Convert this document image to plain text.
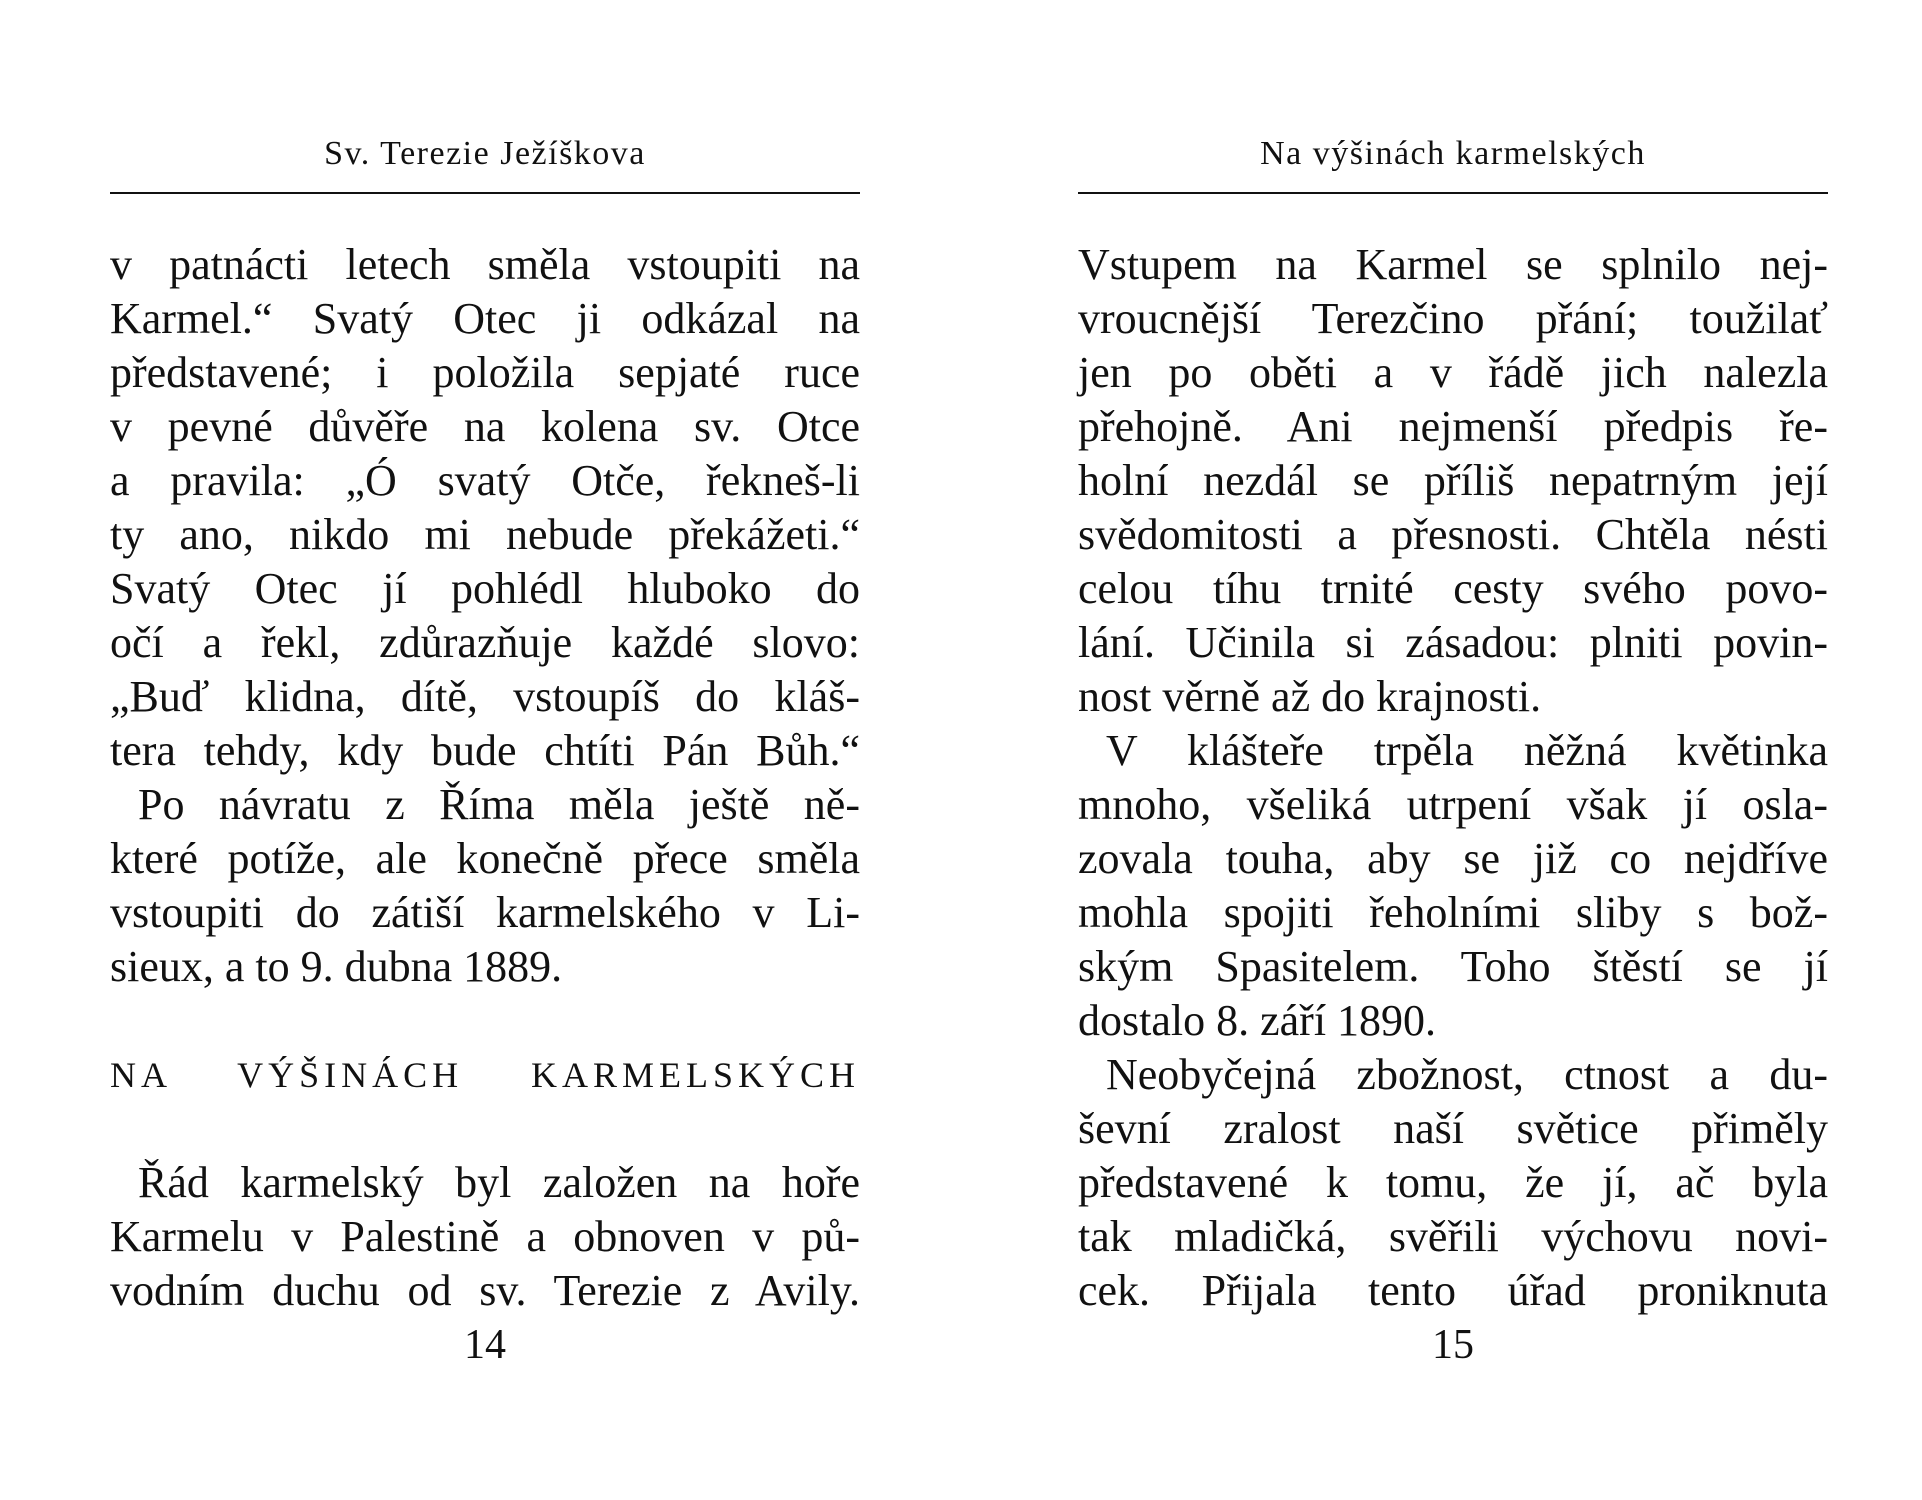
Sv. Terezie Ježíškova
v patnácti letech směla vstoupiti na
Karmel.“ Svatý Otec ji odkázal na
představené; i položila sepjaté ruce
v pevné důvěře na kolena sv. Otce
a pravila: „Ó svatý Otče, řekneš-li
ty ano, nikdo mi nebude překážeti.“
Svatý Otec jí pohlédl hluboko do
očí a řekl, zdůrazňuje každé slovo:
„Buď klidna, dítě, vstoupíš do kláš-
tera tehdy, kdy bude chtíti Pán Bůh.“
Po návratu z Říma měla ještě ně-
které potíže, ale konečně přece směla
vstoupiti do zátiší karmelského v Li-
sieux, a to 9. dubna 1889.
NA VÝŠINÁCH KARMELSKÝCH
Řád karmelský byl založen na hoře
Karmelu v Palestině a obnoven v pů-
vodním duchu od sv. Terezie z Avily.
14
Na výšinách karmelských
Vstupem na Karmel se splnilo nej-
vroucnější Terezčino přání; toužilať
jen po oběti a v řádě jich nalezla
přehojně. Ani nejmenší předpis ře-
holní nezdál se příliš nepatrným její
svědomitosti a přesnosti. Chtěla nésti
celou tíhu trnité cesty svého povo-
lání. Učinila si zásadou: plniti povin-
nost věrně až do krajnosti.
V klášteře trpěla něžná květinka
mnoho, všeliká utrpení však jí osla-
zovala touha, aby se již co nejdříve
mohla spojiti řeholními sliby s bož-
ským Spasitelem. Toho štěstí se jí
dostalo 8. září 1890.
Neobyčejná zbožnost, ctnost a du-
ševní zralost naší světice přiměly
představené k tomu, že jí, ač byla
tak mladičká, svěřili výchovu novi-
cek. Přijala tento úřad proniknuta
15
